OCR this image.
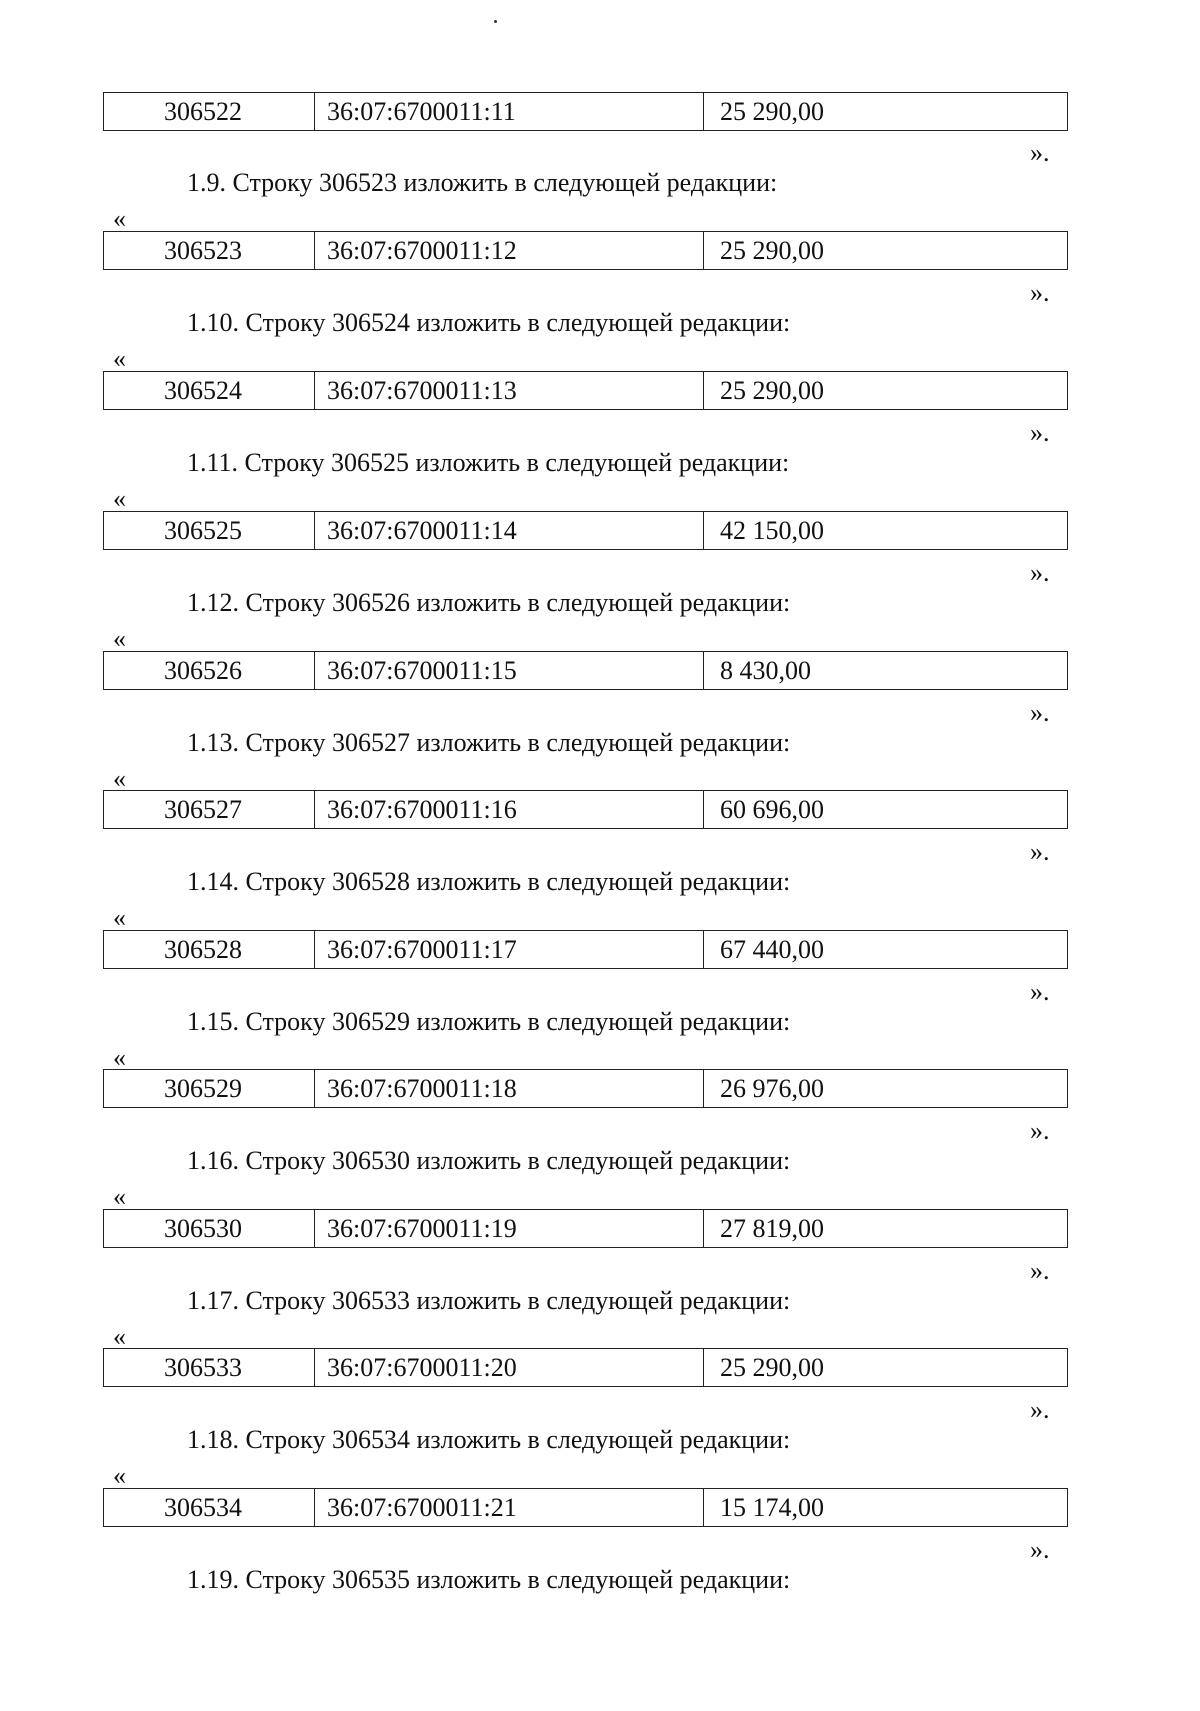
306522	36:07:6700011:11	25 290,00
».
1.9. Строку 306523 изложить в следующей редакции:
«
306523	36:07:6700011:12	25 290,00
».
1.10. Строку 306524 изложить в следующей редакции:
«
306524	36:07:6700011:13	25 290,00
».
1.11. Строку 306525 изложить в следующей редакции:
«
306525	36:07:6700011:14	42 150,00
».
1.12. Строку 306526 изложить в следующей редакции:
«
306526	36:07:6700011:15	8 430,00
».
1.13. Строку 306527 изложить в следующей редакции:
«
306527	36:07:6700011:16	60 696,00
».
1.14. Строку 306528 изложить в следующей редакции:
«
306528	36:07:6700011:17	67 440,00
».
1.15. Строку 306529 изложить в следующей редакции:
«
306529	36:07:6700011:18	26 976,00
».
1.16. Строку 306530 изложить в следующей редакции:
«
306530	36:07:6700011:19	27 819,00
».
1.17. Строку 306533 изложить в следующей редакции:
«
306533	36:07:6700011:20	25 290,00
».
1.18. Строку 306534 изложить в следующей редакции:
«
306534	36:07:6700011:21	15 174,00
».
1.19. Строку 306535 изложить в следующей редакции:
